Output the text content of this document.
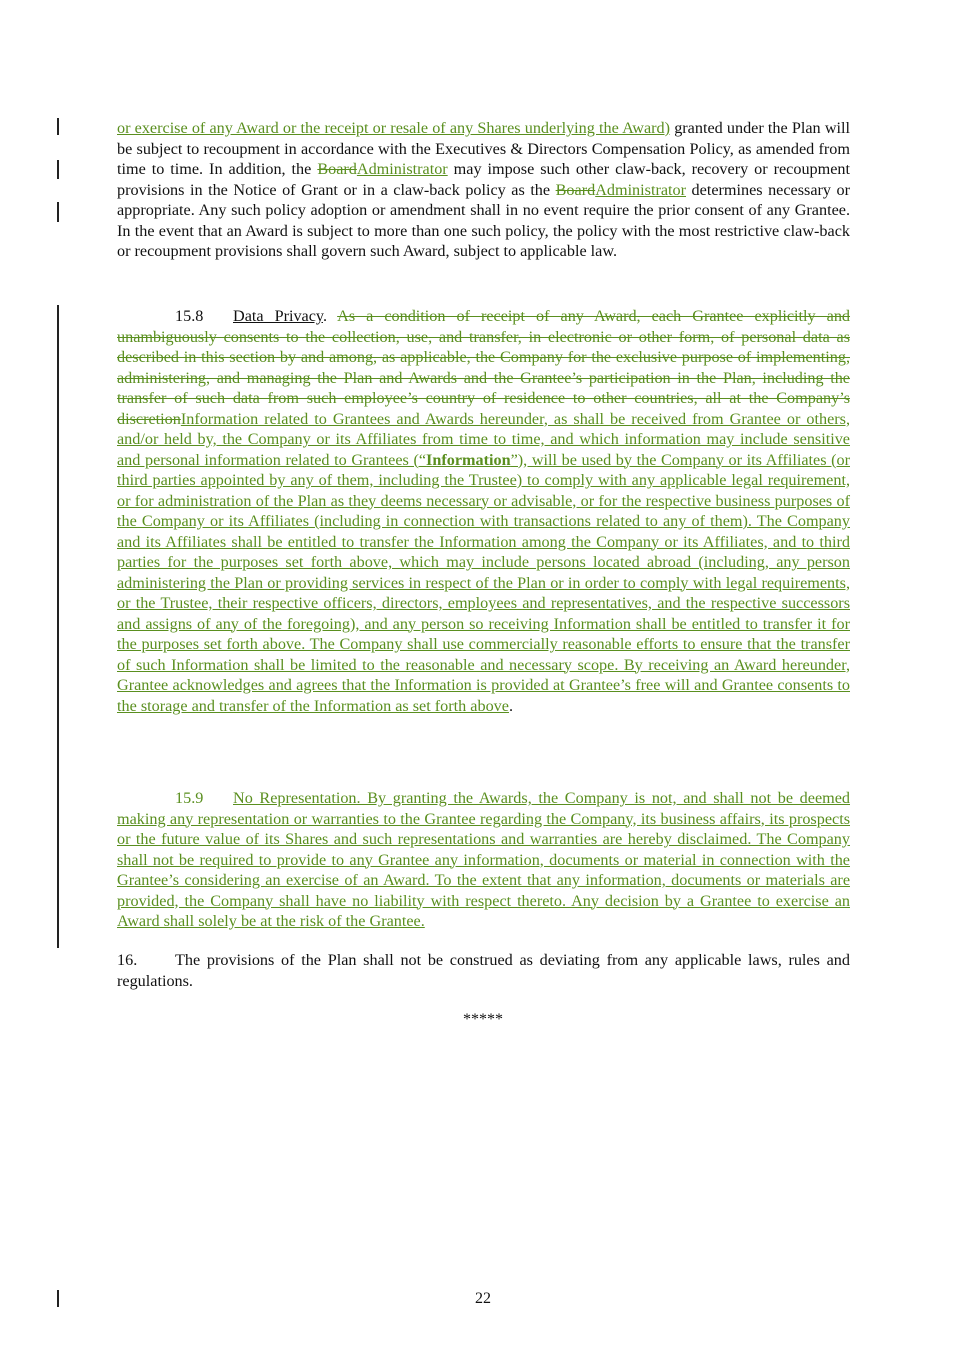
or exercise of any Award or the receipt or resale of any Shares underlying the Award) granted under the Plan will be subject to recoupment in accordance with the Executives & Directors Compensation Policy, as amended from time to time. In addition, the BoardAdministrator may impose such other claw-back, recovery or recoupment provisions in the Notice of Grant or in a claw-back policy as the BoardAdministrator determines necessary or appropriate. Any such policy adoption or amendment shall in no event require the prior consent of any Grantee. In the event that an Award is subject to more than one such policy, the policy with the most restrictive claw-back or recoupment provisions shall govern such Award, subject to applicable law.

15.8 Data Privacy. As a condition of receipt of any Award, each Grantee explicitly and unambiguously consents to the collection, use, and transfer, in electronic or other form, of personal data as described in this section by and among, as applicable, the Company for the exclusive purpose of implementing, administering, and managing the Plan and Awards and the Grantee’s participation in the Plan, including the transfer of such data from such employee’s country of residence to other countries, all at the Company’s discretionInformation related to Grantees and Awards hereunder, as shall be received from Grantee or others, and/or held by, the Company or its Affiliates from time to time, and which information may include sensitive and personal information related to Grantees (“Information”), will be used by the Company or its Affiliates (or third parties appointed by any of them, including the Trustee) to comply with any applicable legal requirement, or for administration of the Plan as they deems necessary or advisable, or for the respective business purposes of the Company or its Affiliates (including in connection with transactions related to any of them). The Company and its Affiliates shall be entitled to transfer the Information among the Company or its Affiliates, and to third parties for the purposes set forth above, which may include persons located abroad (including, any person administering the Plan or providing services in respect of the Plan or in order to comply with legal requirements, or the Trustee, their respective officers, directors, employees and representatives, and the respective successors and assigns of any of the foregoing), and any person so receiving Information shall be entitled to transfer it for the purposes set forth above. The Company shall use commercially reasonable efforts to ensure that the transfer of such Information shall be limited to the reasonable and necessary scope. By receiving an Award hereunder, Grantee acknowledges and agrees that the Information is provided at Grantee’s free will and Grantee consents to the storage and transfer of the Information as set forth above.

15.9 No Representation. By granting the Awards, the Company is not, and shall not be deemed making any representation or warranties to the Grantee regarding the Company, its business affairs, its prospects or the future value of its Shares and such representations and warranties are hereby disclaimed. The Company shall not be required to provide to any Grantee any information, documents or material in connection with the Grantee’s considering an exercise of an Award. To the extent that any information, documents or materials are provided, the Company shall have no liability with respect thereto. Any decision by a Grantee to exercise an Award shall solely be at the risk of the Grantee.

16. The provisions of the Plan shall not be construed as deviating from any applicable laws, rules and regulations.

*****
22
